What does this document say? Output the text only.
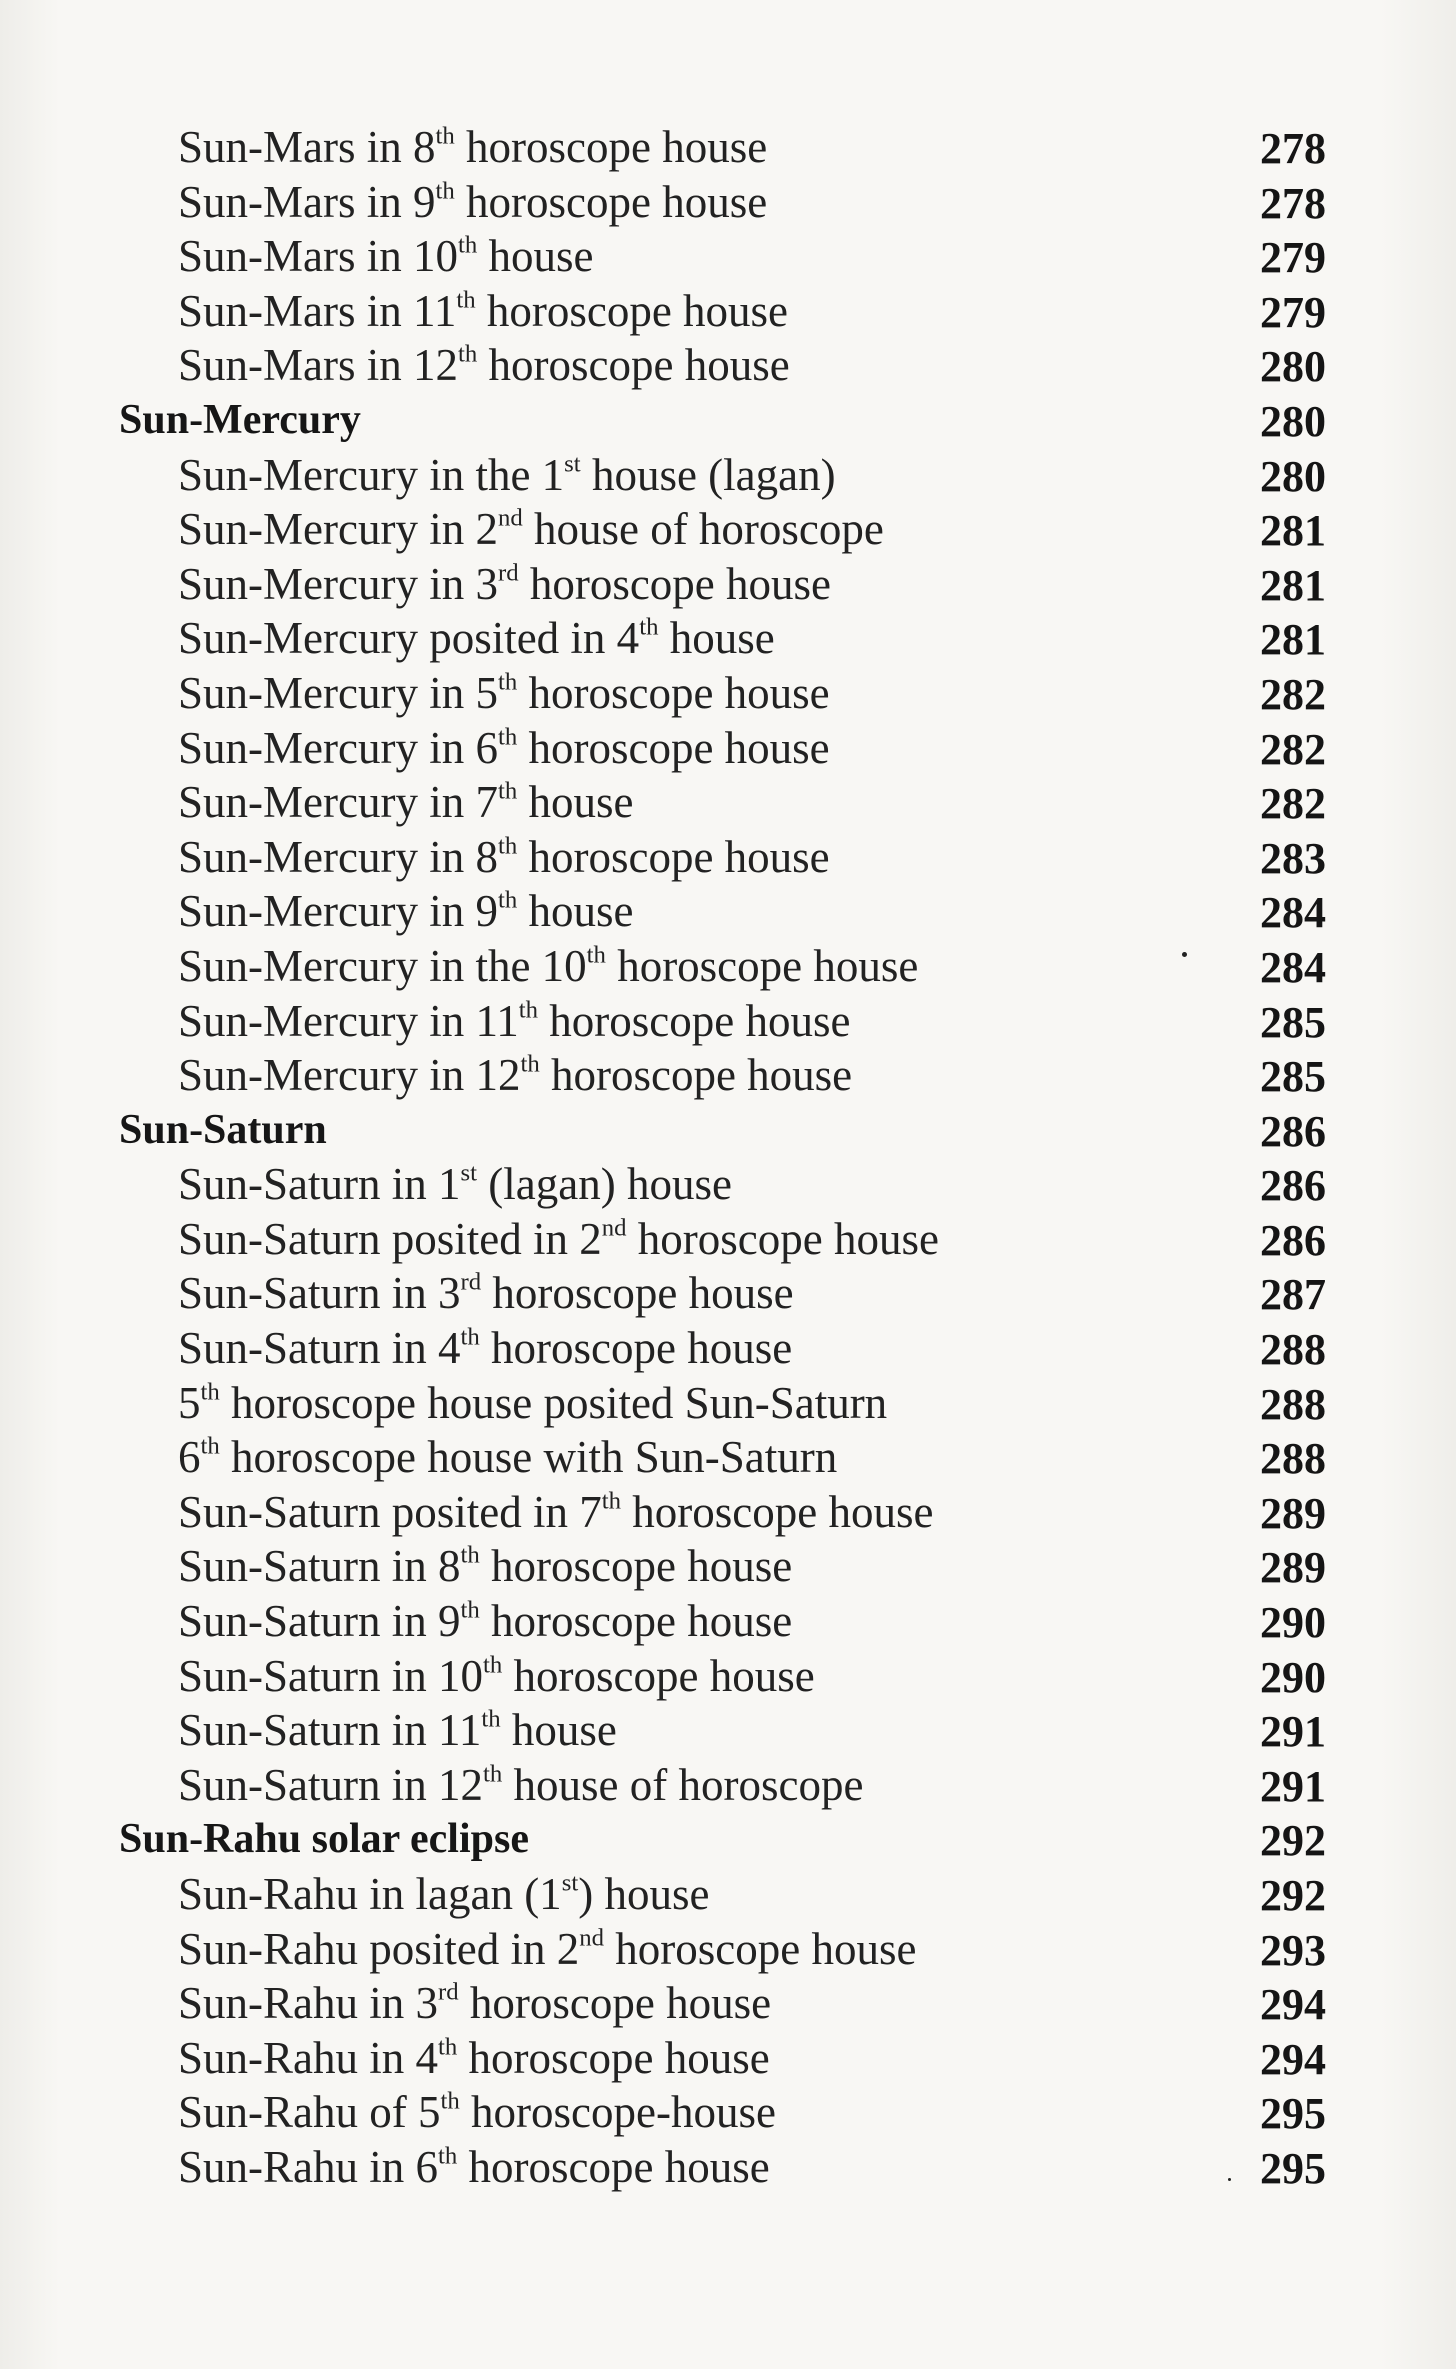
Sun-Mars in 8th horoscope house	278
Sun-Mars in 9th horoscope house	278
Sun-Mars in 10th house	279
Sun-Mars in 11th horoscope house	279
Sun-Mars in 12th horoscope house	280
Sun-Mercury	280
Sun-Mercury in the 1st house (lagan)	280
Sun-Mercury in 2nd house of horoscope	281
Sun-Mercury in 3rd horoscope house	281
Sun-Mercury posited in 4th house	281
Sun-Mercury in 5th horoscope house	282
Sun-Mercury in 6th horoscope house	282
Sun-Mercury in 7th house	282
Sun-Mercury in 8th horoscope house	283
Sun-Mercury in 9th house	284
Sun-Mercury in the 10th horoscope house	284
Sun-Mercury in 11th horoscope house	285
Sun-Mercury in 12th horoscope house	285
Sun-Saturn	286
Sun-Saturn in 1st (lagan) house	286
Sun-Saturn posited in 2nd horoscope house	286
Sun-Saturn in 3rd horoscope house	287
Sun-Saturn in 4th horoscope house	288
5th horoscope house posited Sun-Saturn	288
6th horoscope house with Sun-Saturn	288
Sun-Saturn posited in 7th horoscope house	289
Sun-Saturn in 8th horoscope house	289
Sun-Saturn in 9th horoscope house	290
Sun-Saturn in 10th horoscope house	290
Sun-Saturn in 11th house	291
Sun-Saturn in 12th house of horoscope	291
Sun-Rahu solar eclipse	292
Sun-Rahu in lagan (1st) house	292
Sun-Rahu posited in 2nd horoscope house	293
Sun-Rahu in 3rd horoscope house	294
Sun-Rahu in 4th horoscope house	294
Sun-Rahu of 5th horoscope-house	295
Sun-Rahu in 6th horoscope house	295
